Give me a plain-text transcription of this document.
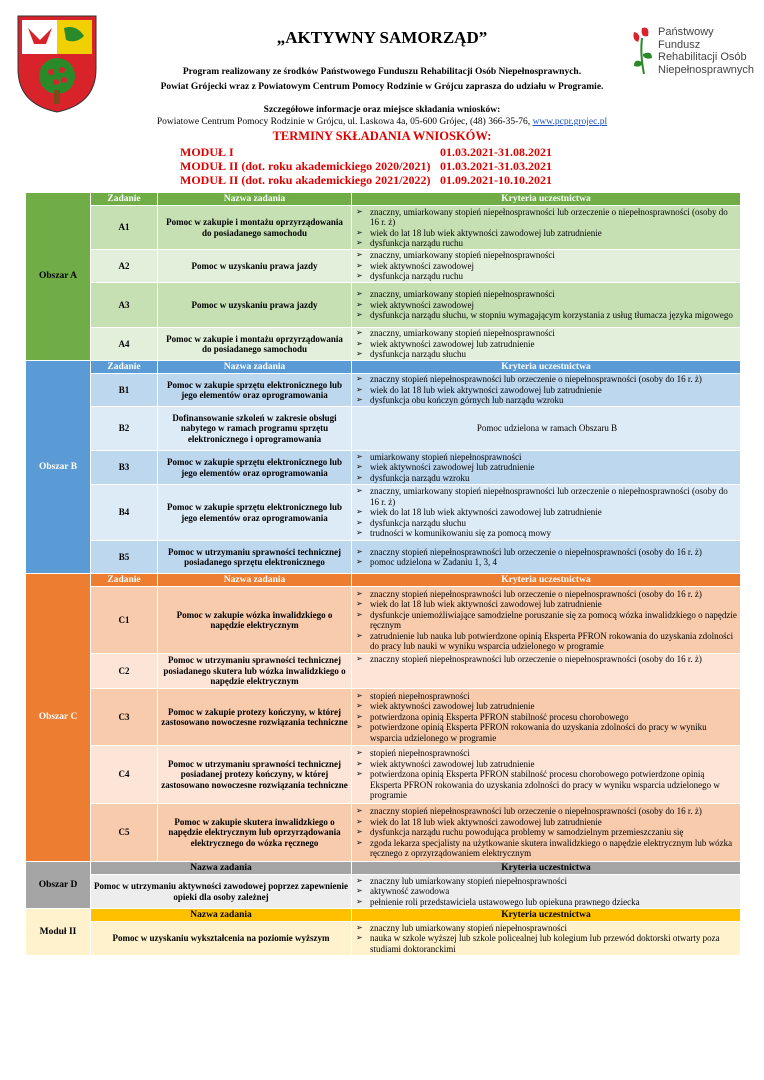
„AKTYWNY SAMORZĄD”	Państwowy Fundusz
Rehabilitacji Osób
Niepełnosprawnych
Program realizowany ze środków Państwowego Funduszu Rehabilitacji Osób Niepełnosprawnych.
Powiat Grójecki wraz z Powiatowym Centrum Pomocy Rodzinie w Grójcu zaprasza do udziału w Programie.
Szczegółowe informacje oraz miejsce składania wniosków:
Powiatowe Centrum Pomocy Rodzinie w Grójcu, ul. Laskowa 4a, 05-600 Grójec, (48) 366-35-76, www.pcpr.grojec.pl
TERMINY SKŁADANIA WNIOSKÓW:
MODUŁ I	01.03.2021-31.08.2021
MODUŁ II (dot. roku akademickiego 2020/2021) 01.03.2021-31.03.2021
MODUŁ II (dot. roku akademickiego 2021/2022) 01.09.2021-10.10.2021
Obszar A	Zadanie	Nazwa zadania	Kryteria uczestnictwa
	A1	Pomoc w zakupie i montażu oprzyrządowania do posiadanego samochodu	➢ znaczny, umiarkowany stopień niepełnosprawności lub orzeczenie o niepełnosprawności (osoby do 16 r. ż)
➢ wiek do lat 18 lub wiek aktywności zawodowej lub zatrudnienie
➢ dysfunkcja narządu ruchu

	A2	Pomoc w uzyskaniu prawa jazdy	➢ znaczny, umiarkowany stopień niepełnosprawności
➢ wiek aktywności zawodowej
➢ dysfunkcja narządu ruchu

	A3	Pomoc w uzyskaniu prawa jazdy	➢ znaczny, umiarkowany stopień niepełnosprawności
➢ wiek aktywności zawodowej
➢ dysfunkcja narządu słuchu, w stopniu wymagającym korzystania z usług tłumacza języka migowego

	A4	Pomoc w zakupie i montażu oprzyrządowania do posiadanego samochodu	➢ znaczny, umiarkowany stopień niepełnosprawności
➢ wiek aktywności zawodowej lub zatrudnienie
➢ dysfunkcja narządu słuchu

Obszar B	Zadanie	Nazwa zadania	Kryteria uczestnictwa
	B1	Pomoc w zakupie sprzętu elektronicznego lub jego elementów oraz oprogramowania	➢ znaczny stopień niepełnosprawności lub orzeczenie o niepełnosprawności (osoby do 16 r. ż)
➢ wiek do lat 18 lub wiek aktywności zawodowej lub zatrudnienie
➢ dysfunkcja obu kończyn górnych lub narządu wzroku

	B2	Dofinansowanie szkoleń w zakresie obsługi nabytego w ramach programu sprzętu elektronicznego i oprogramowania	Pomoc udzielona w ramach Obszaru B
	B3	Pomoc w zakupie sprzętu elektronicznego lub jego elementów oraz oprogramowania	➢ umiarkowany stopień niepełnosprawności
➢ wiek aktywności zawodowej lub zatrudnienie
➢ dysfunkcja narządu wzroku

	B4	Pomoc w zakupie sprzętu elektronicznego lub jego elementów oraz oprogramowania	➢ znaczny, umiarkowany stopień niepełnosprawności lub orzeczenie o niepełnosprawności (osoby do 16 r. ż)
➢ wiek do lat 18 lub wiek aktywności zawodowej lub zatrudnienie
➢ dysfunkcja narządu słuchu
➢ trudności w komunikowaniu się za pomocą mowy

	B5	Pomoc w utrzymaniu sprawności technicznej posiadanego sprzętu elektronicznego	➢ znaczny stopień niepełnosprawności lub orzeczenie o niepełnosprawności (osoby do 16 r. ż)
➢ pomoc udzielona w Zadaniu 1, 3, 4

Obszar C	Zadanie	Nazwa zadania	Kryteria uczestnictwa
	C1	Pomoc w zakupie wózka inwalidzkiego o napędzie elektrycznym	➢ znaczny stopień niepełnosprawności lub orzeczenie o niepełnosprawności (osoby do 16 r. ż)
➢ wiek do lat 18 lub wiek aktywności zawodowej lub zatrudnienie
➢ dysfunkcje uniemożliwiające samodzielne poruszanie się za pomocą wózka inwalidzkiego o napędzie ręcznym
➢ zatrudnienie lub nauka lub potwierdzone opinią Eksperta PFRON rokowania do uzyskania zdolności do pracy lub nauki w wyniku wsparcia udzielonego w programie

	C2	Pomoc w utrzymaniu sprawności technicznej posiadanego skutera lub wózka inwalidzkiego o napędzie elektrycznym	➢ znaczny stopień niepełnosprawności lub orzeczenie o niepełnosprawności (osoby do 16 r. ż)

	C3	Pomoc w zakupie protezy kończyny, w której zastosowano nowoczesne rozwiązania techniczne	➢ stopień niepełnosprawności
➢ wiek aktywności zawodowej lub zatrudnienie
➢ potwierdzona opinią Eksperta PFRON stabilność procesu chorobowego
➢ potwierdzone opinią Eksperta PFRON rokowania do uzyskania zdolności do pracy w wyniku wsparcia udzielonego w programie

	C4	Pomoc w utrzymaniu sprawności technicznej posiadanej protezy kończyny, w której zastosowano nowoczesne rozwiązania techniczne	➢ stopień niepełnosprawności
➢ wiek aktywności zawodowej lub zatrudnienie
➢ potwierdzona opinią Eksperta PFRON stabilność procesu chorobowego potwierdzone opinią Eksperta PFRON rokowania do uzyskania zdolności do pracy w wyniku wsparcia udzielonego w programie

	C5	Pomoc w zakupie skutera inwalidzkiego o napędzie elektrycznym lub oprzyrządowania elektrycznego do wózka ręcznego	➢ znaczny stopień niepełnosprawności lub orzeczenie o niepełnosprawności (osoby do 16 r. ż)
➢ wiek do lat 18 lub wiek aktywności zawodowej lub zatrudnienie
➢ dysfunkcja narządu ruchu powodująca problemy w samodzielnym przemieszczaniu się
➢ zgoda lekarza specjalisty na użytkowanie skutera inwalidzkiego o napędzie elektrycznym lub wózka ręcznego z oprzyrządowaniem elektrycznym

Obszar D	Nazwa zadania		Kryteria uczestnictwa
	Pomoc w utrzymaniu aktywności zawodowej poprzez zapewnienie opieki dla osoby zależnej		➢ znaczny lub umiarkowany stopień niepełnosprawności
➢ aktywność zawodowa
➢ pełnienie roli przedstawiciela ustawowego lub opiekuna prawnego dziecka

Moduł II	Nazwa zadania		Kryteria uczestnictwa
	Pomoc w uzyskaniu wykształcenia na poziomie wyższym		➢ znaczny lub umiarkowany stopień niepełnosprawności
➢ nauka w szkole wyższej lub szkole policealnej lub kolegium lub przewód doktorski otwarty poza studiami doktoranckimi
